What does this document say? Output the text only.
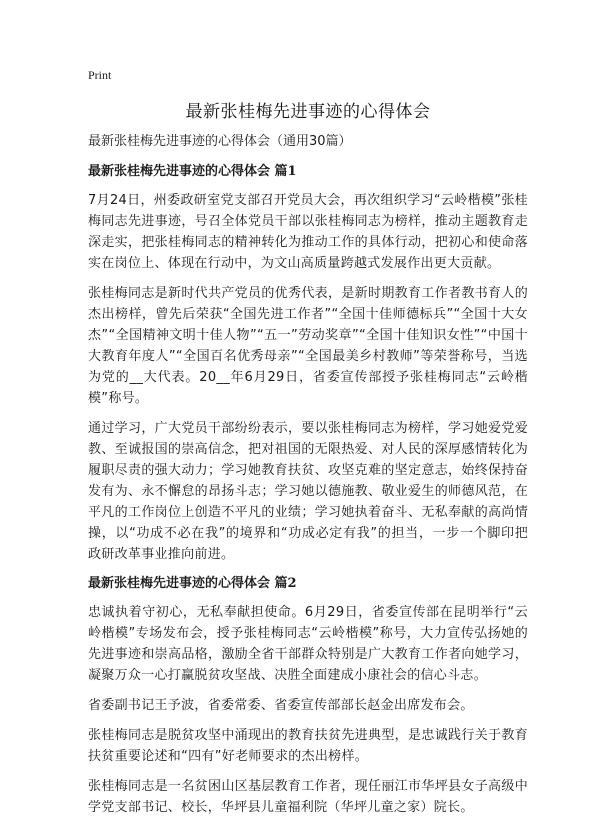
Print
最新张桂梅先进事迹的心得体会
最新张桂梅先进事迹的心得体会（通用30篇）
最新张桂梅先进事迹的心得体会 篇1

7月24日，州委政研室党支部召开党员大会，再次组织学习“云岭楷模”张桂梅同志先进事迹，号召全体党员干部以张桂梅同志为榜样，推动主题教育走深走实，把张桂梅同志的精神转化为推动工作的具体行动，把初心和使命落实在岗位上、体现在行动中，为文山高质量跨越式发展作出更大贡献。

张桂梅同志是新时代共产党员的优秀代表，是新时期教育工作者教书育人的杰出榜样，曾先后荣获“全国先进工作者”“全国十佳师德标兵”“全国十大女杰”“全国精神文明十佳人物”“五一”劳动奖章”“全国十佳知识女性”“中国十大教育年度人”“全国百名优秀母亲”“全国最美乡村教师”等荣誉称号，当选为党的__大代表。20__年6月29日，省委宣传部授予张桂梅同志“云岭楷模”称号。

通过学习，广大党员干部纷纷表示，要以张桂梅同志为榜样，学习她爱党爱教、至诚报国的崇高信念，把对祖国的无限热爱、对人民的深厚感情转化为履职尽责的强大动力；学习她教育扶贫、攻坚克难的坚定意志，始终保持奋发有为、永不懈怠的昂扬斗志；学习她以德施教、敬业爱生的师德风范，在平凡的工作岗位上创造不平凡的业绩；学习她执着奋斗、无私奉献的高尚情操，以“功成不必在我”的境界和“功成必定有我”的担当，一步一个脚印把政研改革事业推向前进。

最新张桂梅先进事迹的心得体会 篇2

忠诚执着守初心，无私奉献担使命。6月29日，省委宣传部在昆明举行“云岭楷模”专场发布会，授予张桂梅同志“云岭楷模”称号，大力宣传弘扬她的先进事迹和崇高品格，激励全省干部群众特别是广大教育工作者向她学习，凝聚万众一心打赢脱贫攻坚战、决胜全面建成小康社会的信心斗志。

省委副书记王予波，省委常委、省委宣传部部长赵金出席发布会。

张桂梅同志是脱贫攻坚中涌现出的教育扶贫先进典型，是忠诚践行关于教育扶贫重要论述和“四有”好老师要求的杰出榜样。

张桂梅同志是一名贫困山区基层教育工作者，现任丽江市华坪县女子高级中学党支部书记、校长，华坪县儿童福利院（华坪儿童之家）院长。
